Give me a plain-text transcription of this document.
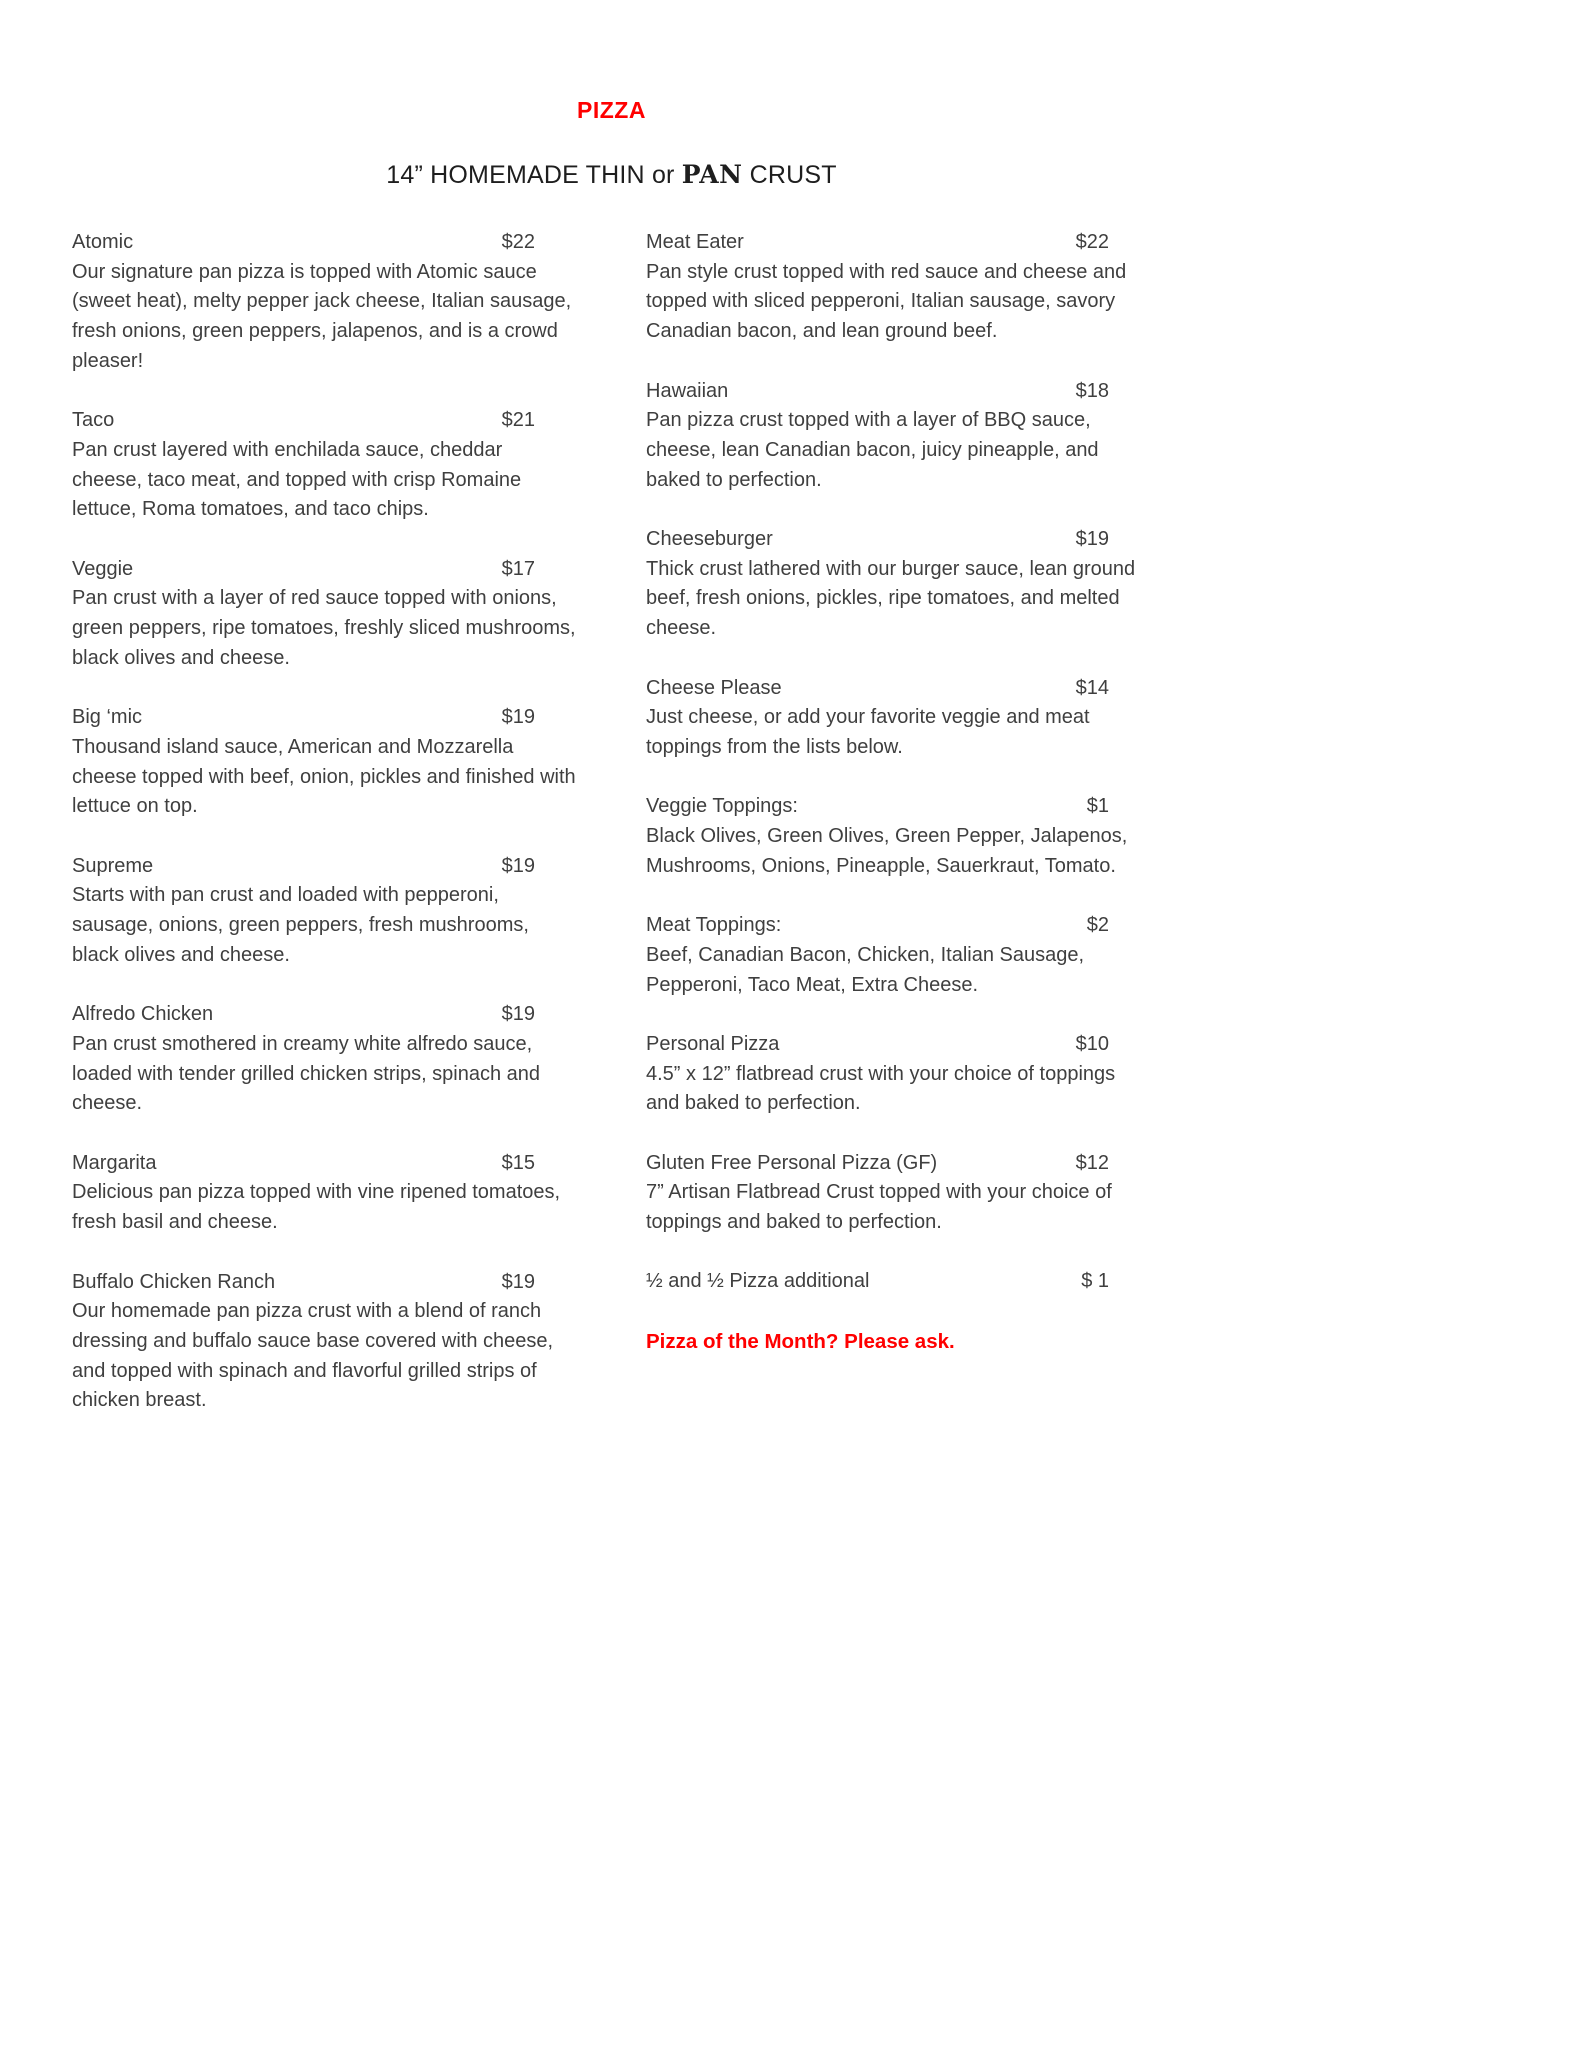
PIZZA
14” HOMEMADE THIN or PAN CRUST
Atomic	$22

Our signature pan pizza is topped with Atomic sauce (sweet heat), melty pepper jack cheese, Italian sausage, fresh onions, green peppers, jalapenos, and is a crowd pleaser!

Taco	$21

Pan crust layered with enchilada sauce, cheddar cheese, taco meat, and topped with crisp Romaine lettuce, Roma tomatoes, and taco chips.

Veggie	$17

Pan crust with a layer of red sauce topped with onions, green peppers, ripe tomatoes, freshly sliced mushrooms, black olives and cheese.

Big ‘mic	$19

Thousand island sauce, American and Mozzarella cheese topped with beef, onion, pickles and finished with lettuce on top.

Supreme	$19

Starts with pan crust and loaded with pepperoni, sausage, onions, green peppers, fresh mushrooms, black olives and cheese.

Alfredo Chicken	$19

Pan crust smothered in creamy white alfredo sauce, loaded with tender grilled chicken strips, spinach and cheese.

Margarita	$15

Delicious pan pizza topped with vine ripened tomatoes, fresh basil and cheese.

Buffalo Chicken Ranch	$19

Our homemade pan pizza crust with a blend of ranch dressing and buffalo sauce base covered with cheese, and topped with spinach and flavorful grilled strips of chicken breast.

Meat Eater	$22

Pan style crust topped with red sauce and cheese and topped with sliced pepperoni, Italian sausage, savory Canadian bacon, and lean ground beef.

Hawaiian	$18

Pan pizza crust topped with a layer of BBQ sauce, cheese, lean Canadian bacon, juicy pineapple, and baked to perfection.

Cheeseburger	$19

Thick crust lathered with our burger sauce, lean ground beef, fresh onions, pickles, ripe tomatoes, and melted cheese.

Cheese Please	$14

Just cheese, or add your favorite veggie and meat toppings from the lists below.

Veggie Toppings:	$1

Black Olives, Green Olives, Green Pepper, Jalapenos, Mushrooms, Onions, Pineapple, Sauerkraut, Tomato.

Meat Toppings:	$2

Beef, Canadian Bacon, Chicken, Italian Sausage, Pepperoni, Taco Meat, Extra Cheese.

Personal Pizza	$10

4.5” x 12” flatbread crust with your choice of toppings and baked to perfection.

Gluten Free Personal Pizza (GF)	$12

7” Artisan Flatbread Crust topped with your choice of toppings and baked to perfection.

½ and ½ Pizza additional	$ 1
Pizza of the Month? Please ask.
